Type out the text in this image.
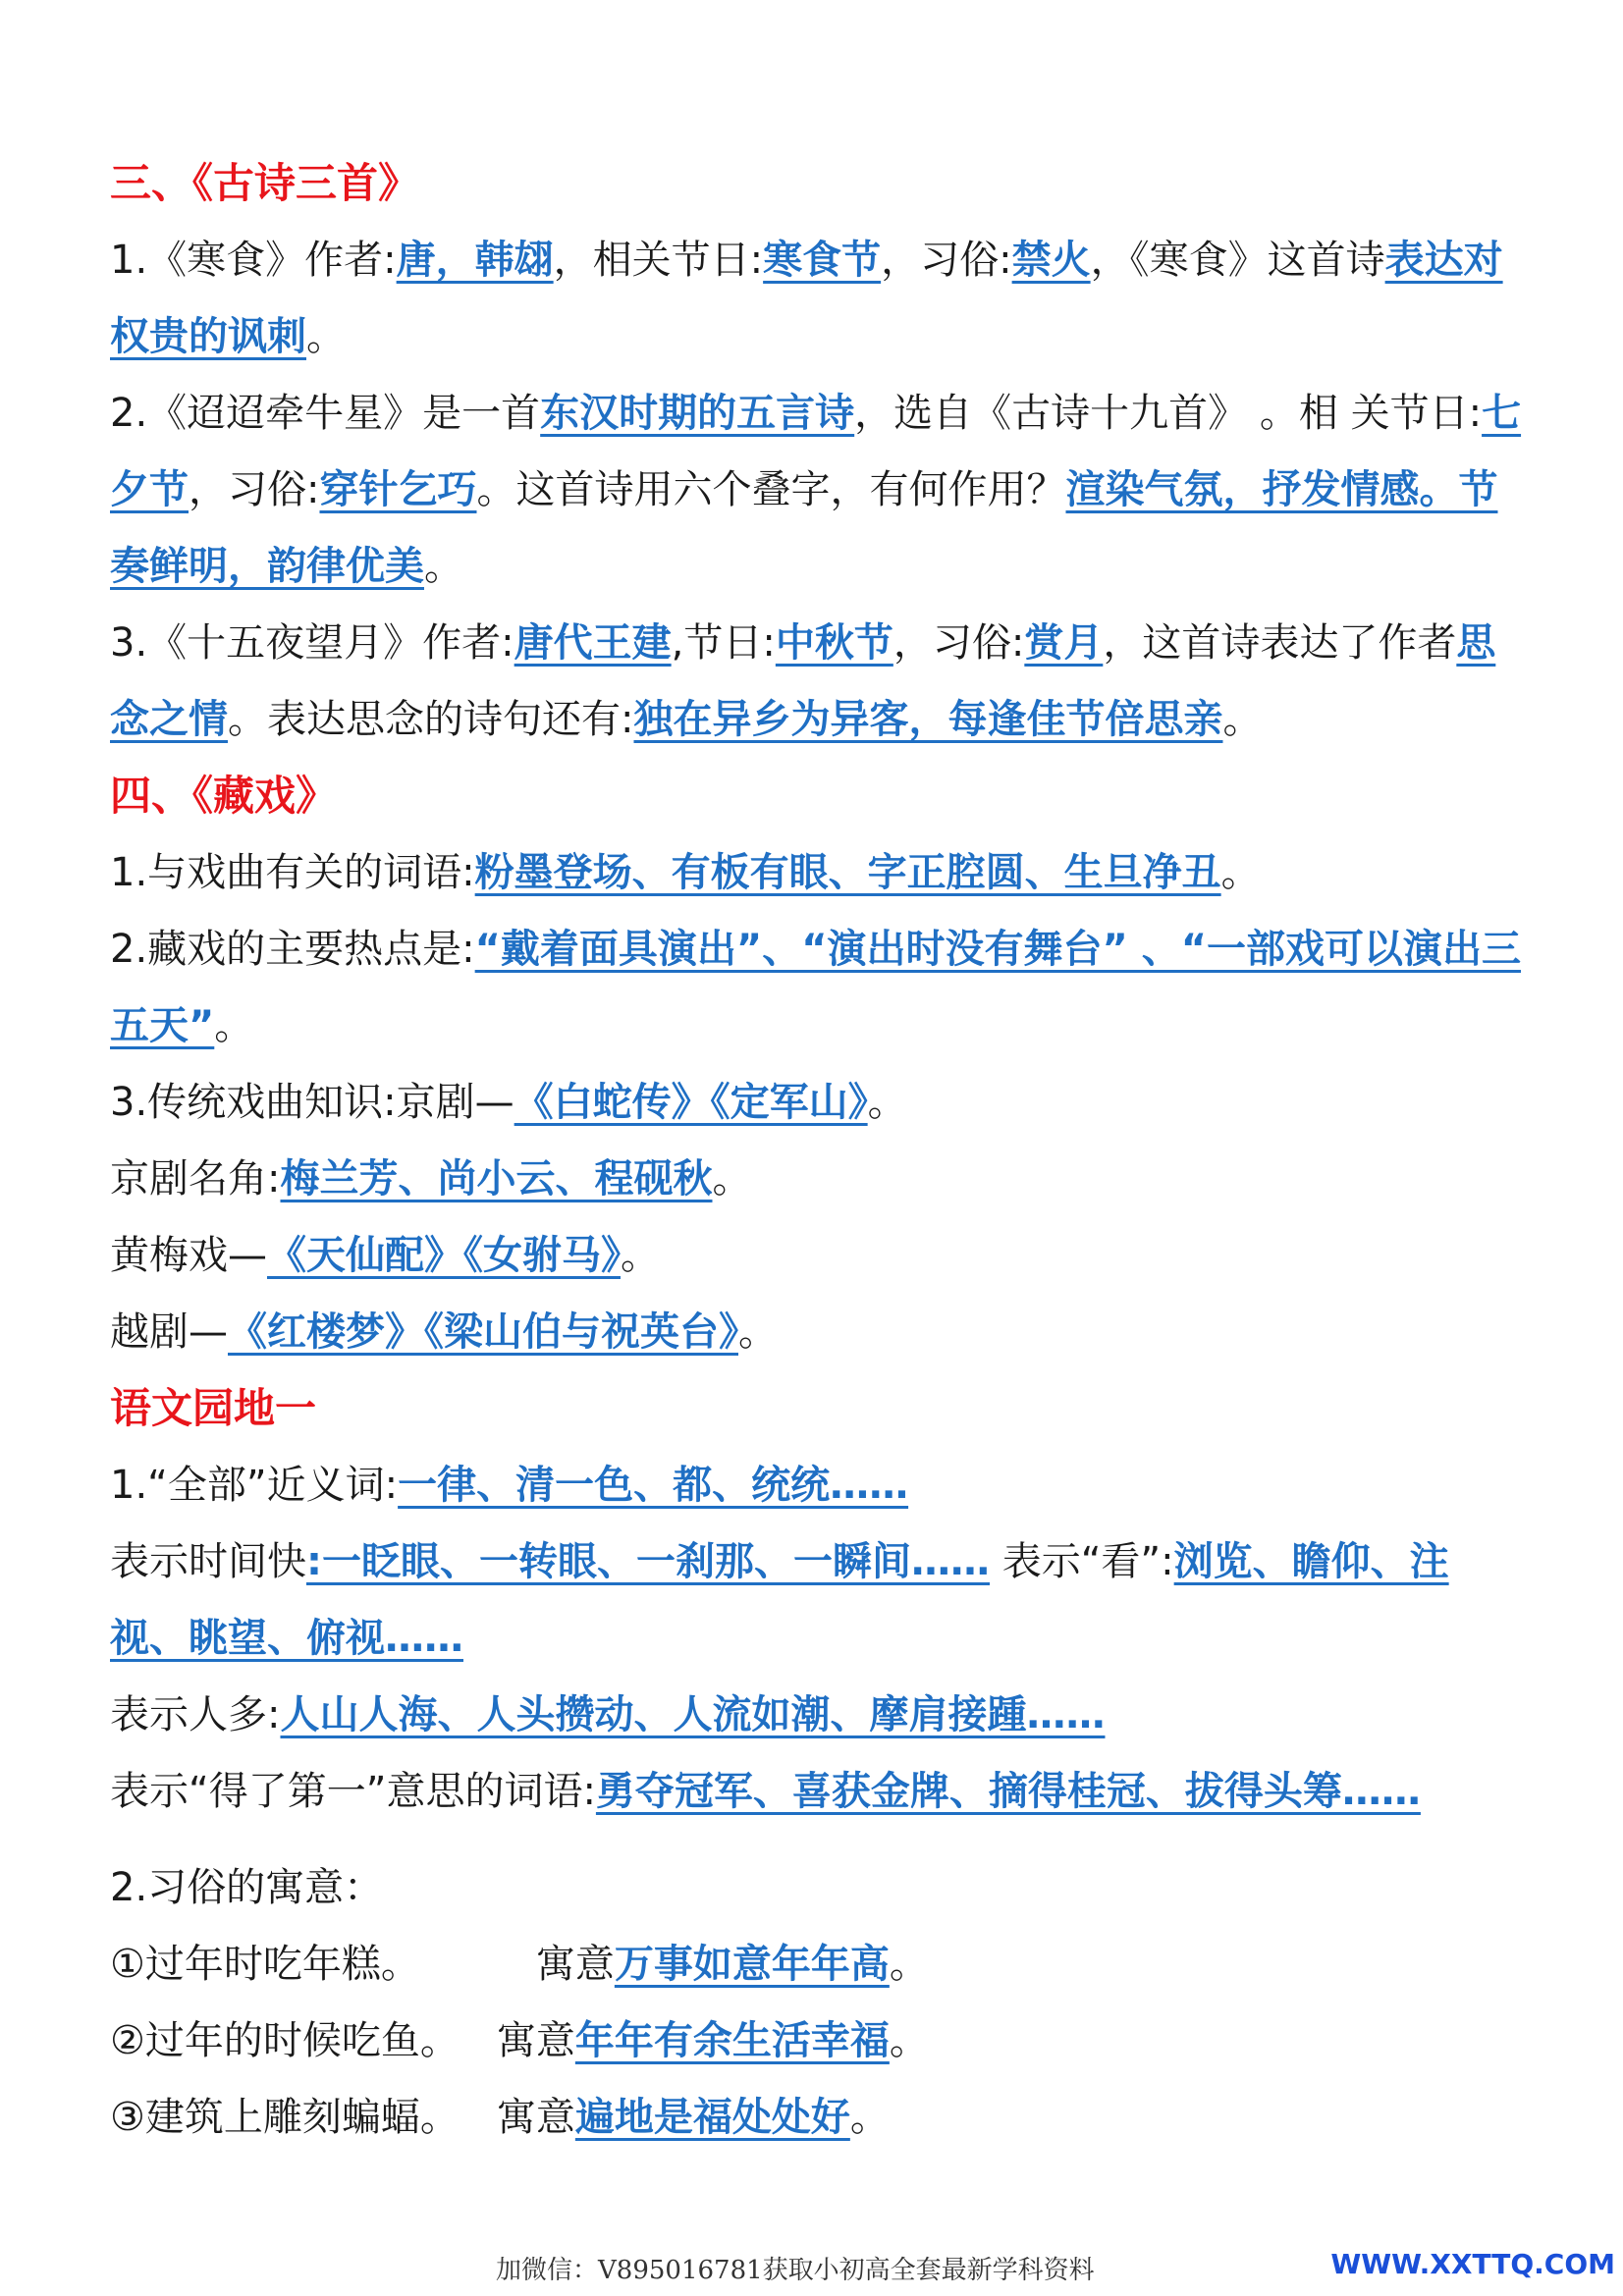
三、《古诗三首》
1.《寒食》作者:唐，韩翃，相关节日:寒食节，习俗:禁火，《寒食》这首诗表达对权贵的讽刺。
2.《迢迢牵牛星》是一首东汉时期的五言诗，选自《古诗十九首》 。相 关节日:七夕节，习俗:穿针乞巧。这首诗用六个叠字，有何作用？渲染气氛，抒发情感。节奏鲜明，韵律优美。
3.《十五夜望月》作者:唐代王建,节日:中秋节，习俗:赏月，这首诗表达了作者思念之情。表达思念的诗句还有:独在异乡为异客，每逢佳节倍思亲。
四、《藏戏》
1.与戏曲有关的词语:粉墨登场、有板有眼、字正腔圆、生旦净丑。
2.藏戏的主要热点是:“戴着面具演出”、“演出时没有舞台” 、“一部戏可以演出三五天”。
3.传统戏曲知识:京剧—《白蛇传》《定军山》。
京剧名角:梅兰芳、尚小云、程砚秋。
黄梅戏—《天仙配》《女驸马》。
越剧—《红楼梦》《梁山伯与祝英台》。
语文园地一
1.“全部”近义词:一律、清一色、都、统统……
表示时间快:一眨眼、一转眼、一刹那、一瞬间…… 表示“看”:浏览、瞻仰、注视、眺望、俯视……
表示人多:人山人海、人头攒动、人流如潮、摩肩接踵……
表示“得了第一”意思的词语:勇夺冠军、喜获金牌、摘得桂冠、拔得头筹……
2.习俗的寓意：
①过年时吃年糕。	寓意万事如意年年高。
②过年的时候吃鱼。 寓意年年有余生活幸福。
③建筑上雕刻蝙蝠。 寓意遍地是福处处好。
加微信：V895016781获取小初高全套最新学科资料	WWW.XXTTQ.COM
